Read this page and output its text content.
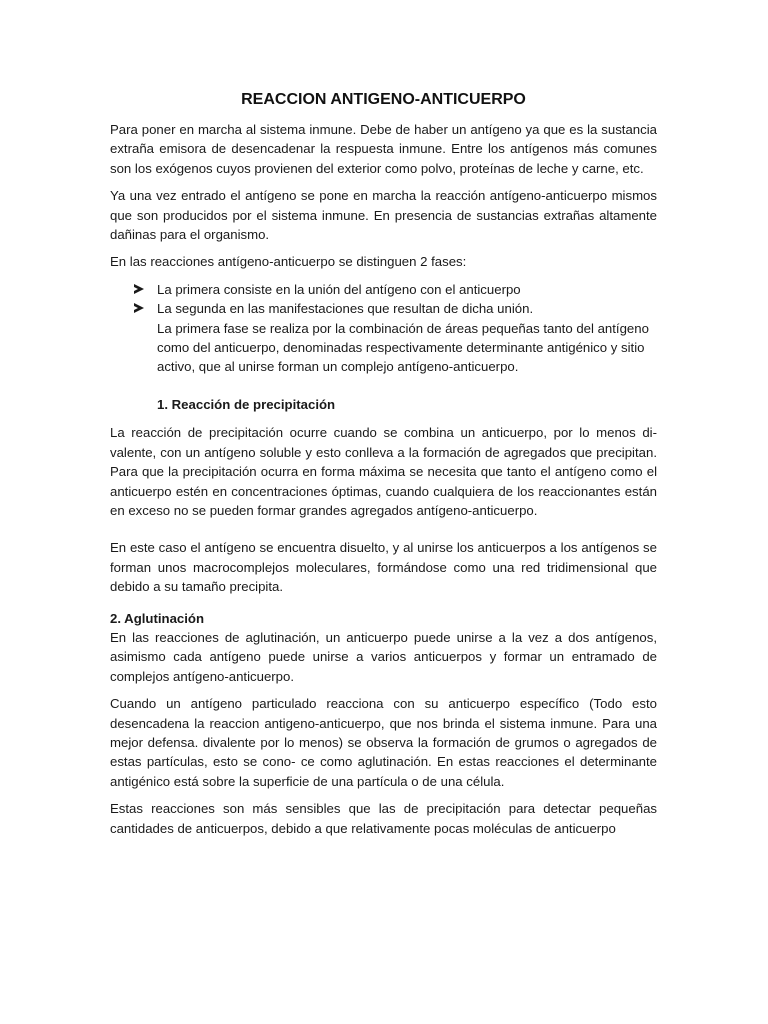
REACCION ANTIGENO-ANTICUERPO

Para poner en marcha al sistema inmune. Debe de haber un antígeno ya que es la sustancia extraña emisora de desencadenar la respuesta inmune. Entre los antígenos más comunes son los exógenos cuyos provienen del exterior como polvo, proteínas de leche y carne, etc.

Ya una vez entrado el antígeno se pone en marcha la reacción antígeno-anticuerpo mismos que son producidos por el sistema inmune. En presencia de sustancias extrañas altamente dañinas para el organismo.

En las reacciones antígeno-anticuerpo se distinguen 2 fases:

La primera consiste en la unión del antígeno con el anticuerpo
La segunda en las manifestaciones que resultan de dicha unión.
La primera fase se realiza por la combinación de áreas pequeñas tanto del antígeno como del anticuerpo, denominadas respectivamente determinante antigénico y sitio activo, que al unirse forman un complejo antígeno-anticuerpo.
1. Reacción de precipitación

La reacción de precipitación ocurre cuando se combina un anticuerpo, por lo menos di-valente, con un antígeno soluble y esto conlleva a la formación de agregados que precipitan. Para que la precipitación ocurra en forma máxima se necesita que tanto el antígeno como el anticuerpo estén en concentraciones óptimas, cuando cualquiera de los reaccionantes están en exceso no se pueden formar grandes agregados antígeno-anticuerpo.

En este caso el antígeno se encuentra disuelto, y al unirse los anticuerpos a los antígenos se forman unos macrocomplejos moleculares, formándose como una red tridimensional que debido a su tamaño precipita.

2. Aglutinación

En las reacciones de aglutinación, un anticuerpo puede unirse a la vez a dos antígenos, asimismo cada antígeno puede unirse a varios anticuerpos y formar un entramado de complejos antígeno-anticuerpo.

Cuando un antígeno particulado reacciona con su anticuerpo específico (Todo esto desencadena la reaccion antigeno-anticuerpo, que nos brinda el sistema inmune. Para una mejor defensa. divalente por lo menos) se observa la formación de grumos o agregados de estas partículas, esto se cono- ce como aglutinación. En estas reacciones el determinante antigénico está sobre la superficie de una partícula o de una célula.

Estas reacciones son más sensibles que las de precipitación para detectar pequeñas cantidades de anticuerpos, debido a que relativamente pocas moléculas de anticuerpo
